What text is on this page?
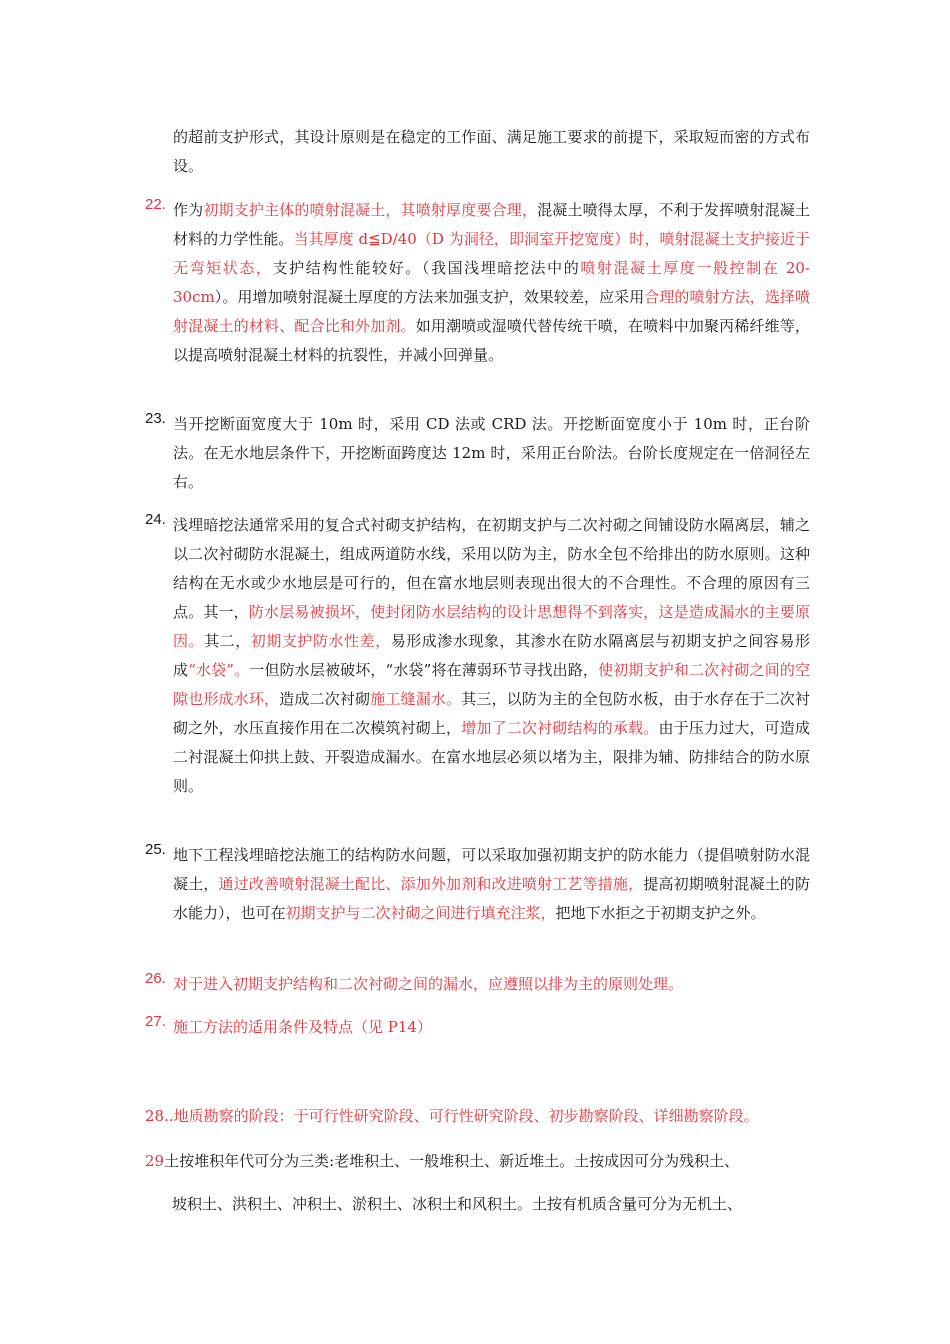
的超前支护形式，其设计原则是在稳定的工作面、满足施工要求的前提下，采取短而密的方式布设。
22. 作为初期支护主体的喷射混凝土，其喷射厚度要合理，混凝土喷得太厚，不利于发挥喷射混凝土材料的力学性能。当其厚度 d≦D/40（D 为洞径，即洞室开挖宽度）时，喷射混凝土支护接近于无弯矩状态，支护结构性能较好。（我国浅埋暗挖法中的喷射混凝土厚度一般控制在 20-30cm）。用增加喷射混凝土厚度的方法来加强支护，效果较差，应采用合理的喷射方法，选择喷射混凝土的材料、配合比和外加剂。如用潮喷或湿喷代替传统干喷，在喷料中加聚丙稀纤维等，以提高喷射混凝土材料的抗裂性，并减小回弹量。
23. 当开挖断面宽度大于 10m 时，采用 CD 法或 CRD 法。开挖断面宽度小于 10m 时，正台阶法。在无水地层条件下，开挖断面跨度达 12m 时，采用正台阶法。台阶长度规定在一倍洞径左右。
24. 浅埋暗挖法通常采用的复合式衬砌支护结构，在初期支护与二次衬砌之间铺设防水隔离层，辅之以二次衬砌防水混凝土，组成两道防水线，采用以防为主，防水全包不给排出的防水原则。这种结构在无水或少水地层是可行的，但在富水地层则表现出很大的不合理性。不合理的原因有三点。其一，防水层易被损坏，使封闭防水层结构的设计思想得不到落实，这是造成漏水的主要原因。其二，初期支护防水性差，易形成渗水现象，其渗水在防水隔离层与初期支护之间容易形成“水袋”。一但防水层被破坏，“水袋”将在薄弱环节寻找出路，使初期支护和二次衬砌之间的空隙也形成水环，造成二次衬砌施工缝漏水。其三，以防为主的全包防水板，由于水存在于二次衬砌之外，水压直接作用在二次模筑衬砌上，增加了二次衬砌结构的承载。由于压力过大，可造成二衬混凝土仰拱上鼓、开裂造成漏水。在富水地层必须以堵为主，限排为辅、防排结合的防水原则。
25. 地下工程浅埋暗挖法施工的结构防水问题，可以采取加强初期支护的防水能力（提倡喷射防水混凝土，通过改善喷射混凝土配比、添加外加剂和改进喷射工艺等措施，提高初期喷射混凝土的防水能力），也可在初期支护与二次衬砌之间进行填充注浆，把地下水拒之于初期支护之外。
26. 对于进入初期支护结构和二次衬砌之间的漏水，应遵照以排为主的原则处理。
27. 施工方法的适用条件及特点（见 P14）
28..地质勘察的阶段：于可行性研究阶段、可行性研究阶段、初步勘察阶段、详细勘察阶段。
29土按堆积年代可分为三类:老堆积土、一般堆积土、新近堆土。土按成因可分为残积土、
坡积土、洪积土、冲积土、淤积土、冰积土和风积土。土按有机质含量可分为无机土、
